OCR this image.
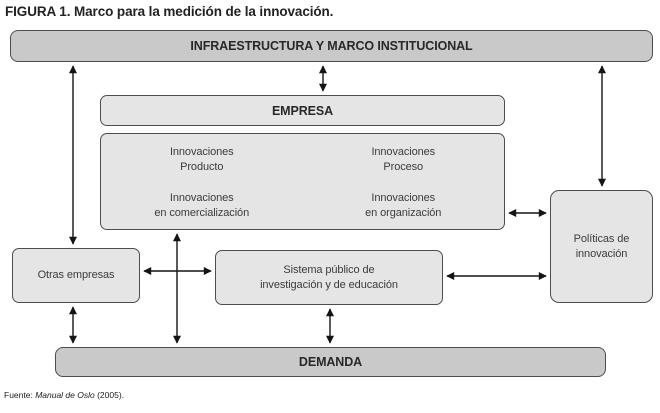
FIGURA 1. Marco para la medición de la innovación.
INFRAESTRUCTURA Y MARCO INSTITUCIONAL
EMPRESA
Innovaciones
Producto
Innovaciones
en comercialización
Innovaciones
Proceso
Innovaciones
en organización
Políticas de
innovación
Otras empresas	Sistema público de
investigación y de educación
DEMANDA
Fuente: Manual de Oslo (2005).
